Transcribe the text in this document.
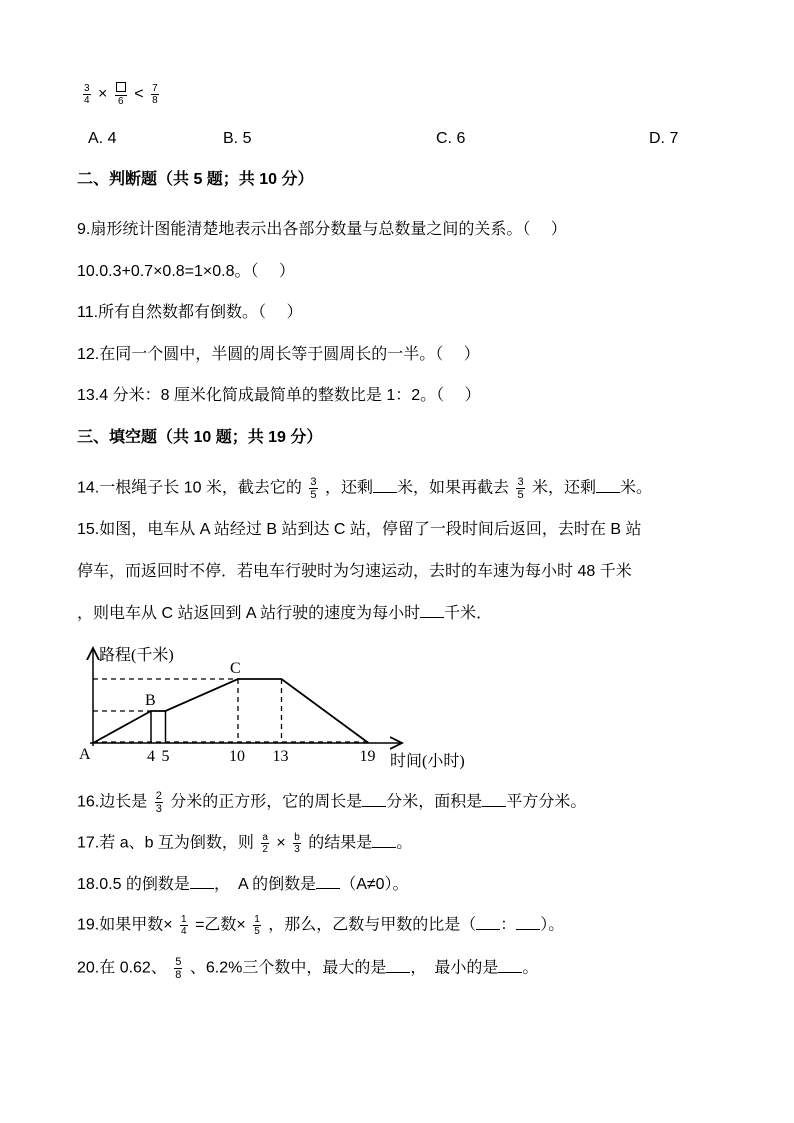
$\frac{3}{4}$ ×	$6 < \frac{7}{8}$
A. 4	B. 5	C. 6	D. 7
二、判断题（共 5 题；共 10 分）
9.扇形统计图能清楚地表示出各部分数量与总数量之间的关系。（　 ）
10.0.3+0.7×0.8=1×0.8。（　 ）
11.所有自然数都有倒数。（　 ）
12.在同一个圆中，半圆的周长等于圆周长的一半。（　 ）
13.4 分米：8 厘米化简成最简单的整数比是 1：2。（　 ）
三、填空题（共 10 题；共 19 分）
14.一根绳子长 10 米，截去它的 $\frac{3}{5}$ ，还剩 米，如果再截去 $\frac{3}{5}$ 米，还剩 米。
15.如图，电车从 A 站经过 B 站到达 C 站，停留了一段时间后返回，去时在 B 站
停车，而返回时不停．若电车行驶时为匀速运动，去时的车速为每小时 48 千米
，则电车从 C 站返回到 A 站行驶的速度为每小时 千米．
4 5	10 13	19
A
B
C
路程(千米)
时间(小时)
16.边长是 $\frac{2}{3}$ 分米的正方形，它的周长是 分米，面积是 平方分米。
17.若 a、b 互为倒数，则 $\frac{a}{2} \times \frac{b}{3}$ 的结果是 。
18.0.5 的倒数是 ，　A 的倒数是 （A≠0）。
19.如果甲数× $\frac{1}{4}$ =乙数× $\frac{1}{5}$ ，那么，乙数与甲数的比是（ ： ）。
20.在 0.62、 $\frac{5}{8}$ 、6.2%三个数中，最大的是 ，　最小的是 。
